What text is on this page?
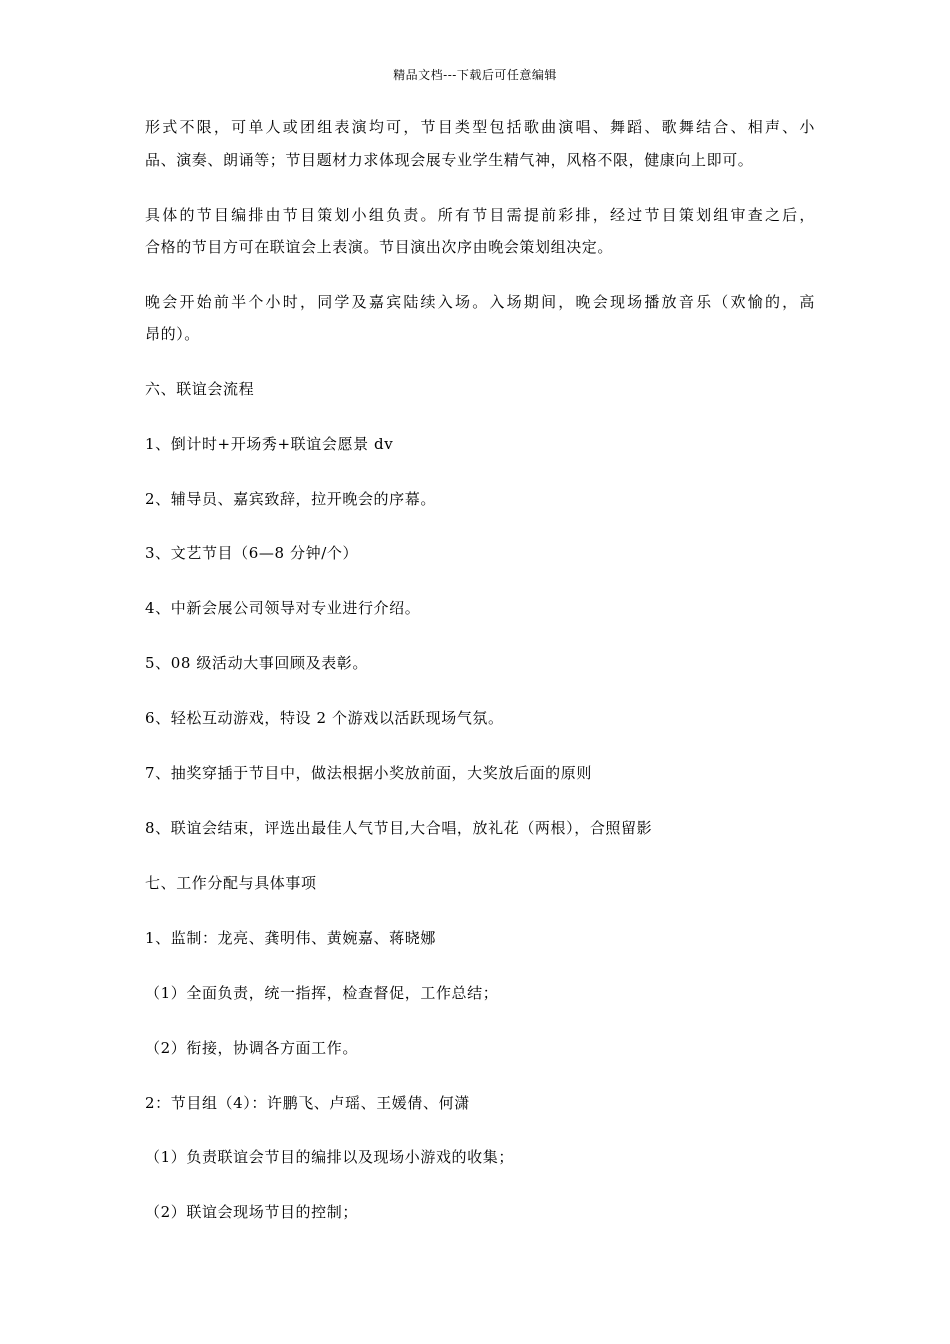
精品文档---下载后可任意编辑
形式不限，可单人或团组表演均可，节目类型包括歌曲演唱、舞蹈、歌舞结合、相声、小
品、演奏、朗诵等；节目题材力求体现会展专业学生精气神，风格不限，健康向上即可。
具体的节目编排由节目策划小组负责。所有节目需提前彩排，经过节目策划组审查之后，
合格的节目方可在联谊会上表演。节目演出次序由晚会策划组决定。
晚会开始前半个小时，同学及嘉宾陆续入场。入场期间，晚会现场播放音乐（欢愉的，高
昂的）。
六、联谊会流程
1、倒计时+开场秀+联谊会愿景 dv
2、辅导员、嘉宾致辞，拉开晚会的序幕。
3、文艺节目（6—8 分钟/个）
4、中新会展公司领导对专业进行介绍。
5、08 级活动大事回顾及表彰。
6、轻松互动游戏，特设 2 个游戏以活跃现场气氛。
7、抽奖穿插于节目中，做法根据小奖放前面，大奖放后面的原则
8、联谊会结束，评选出最佳人气节目,大合唱，放礼花（两根），合照留影
七、工作分配与具体事项
1、监制：龙亮、龚明伟、黄婉嘉、蒋晓娜
（1）全面负责，统一指挥，检查督促，工作总结；
（2）衔接，协调各方面工作。
2：节目组（4）：许鹏飞、卢瑶、王媛倩、何潇
（1）负责联谊会节目的编排以及现场小游戏的收集；
（2）联谊会现场节目的控制；
